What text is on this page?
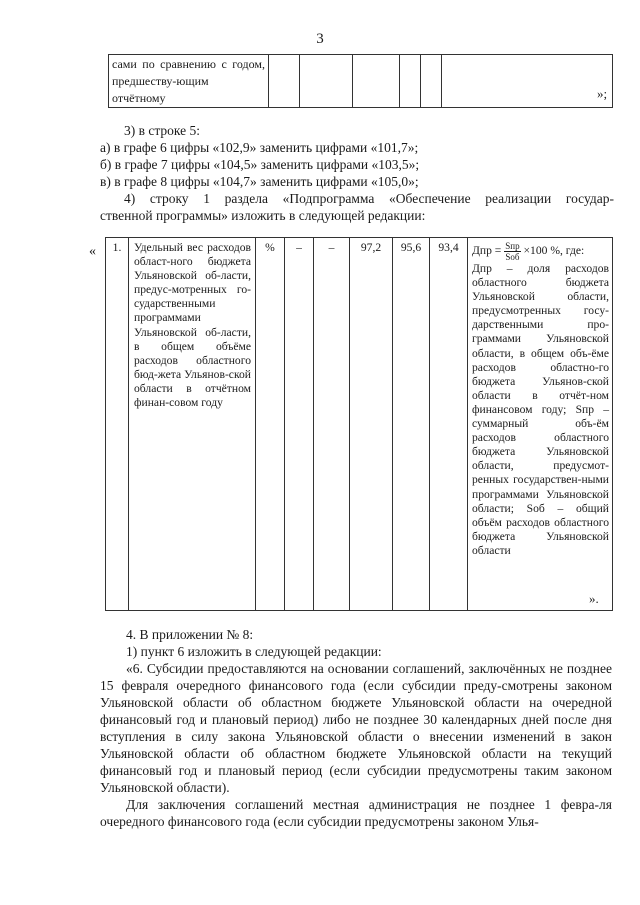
3
сами по сравнению с годом, предшеству-ющим отчётному							»;
3) в строке 5:
а) в графе 6 цифры «102,9» заменить цифрами «101,7»;
б) в графе 7 цифры «104,5» заменить цифрами «103,5»;
в) в графе 8 цифры «104,7» заменить цифрами «105,0»;
4) строку 1 раздела «Подпрограмма «Обеспечение реализации государ-
ственной программы» изложить в следующей редакции:
« 1.	Удельный вес расходов област-ного бюджета Ульяновской об-ласти, предус-мотренных го-сударственными программами Ульяновской об-ласти, в общем объёме расходов областного бюд-жета Ульянов-ской области в отчётном финан-совом году	%	–	–	97,2	95,6	93,4	Дпр = Sпр
Sоб ×100 %, где:
Дпр – доля расходов областного бюджета Ульяновской области, предусмотренных госу-дарственными про-граммами Ульяновской области, в общем объ-ёме расходов областно-го бюджета Ульянов-ской области в отчёт-ном финансовом году; Sпр – суммарный объ-ём расходов областного бюджета Ульяновской области, предусмот-ренных государствен-ными программами Ульяновской области; Sоб – общий объём расходов областного бюджета Ульяновской области
».
4. В приложении № 8:
1) пункт 6 изложить в следующей редакции:
«6. Субсидии предоставляются на основании соглашений, заключённых не позднее 15 февраля очередного финансового года (если субсидии преду-смотрены законом Ульяновской области об областном бюджете Ульяновской области на очередной финансовый год и плановый период) либо не позднее 30 календарных дней после дня вступления в силу закона Ульяновской области о внесении изменений в закон Ульяновской области об областном бюджете Ульяновской области на текущий финансовый год и плановый период (если субсидии предусмотрены таким законом Ульяновской области).
Для заключения соглашений местная администрация не позднее 1 февра-ля очередного финансового года (если субсидии предусмотрены законом Улья-
